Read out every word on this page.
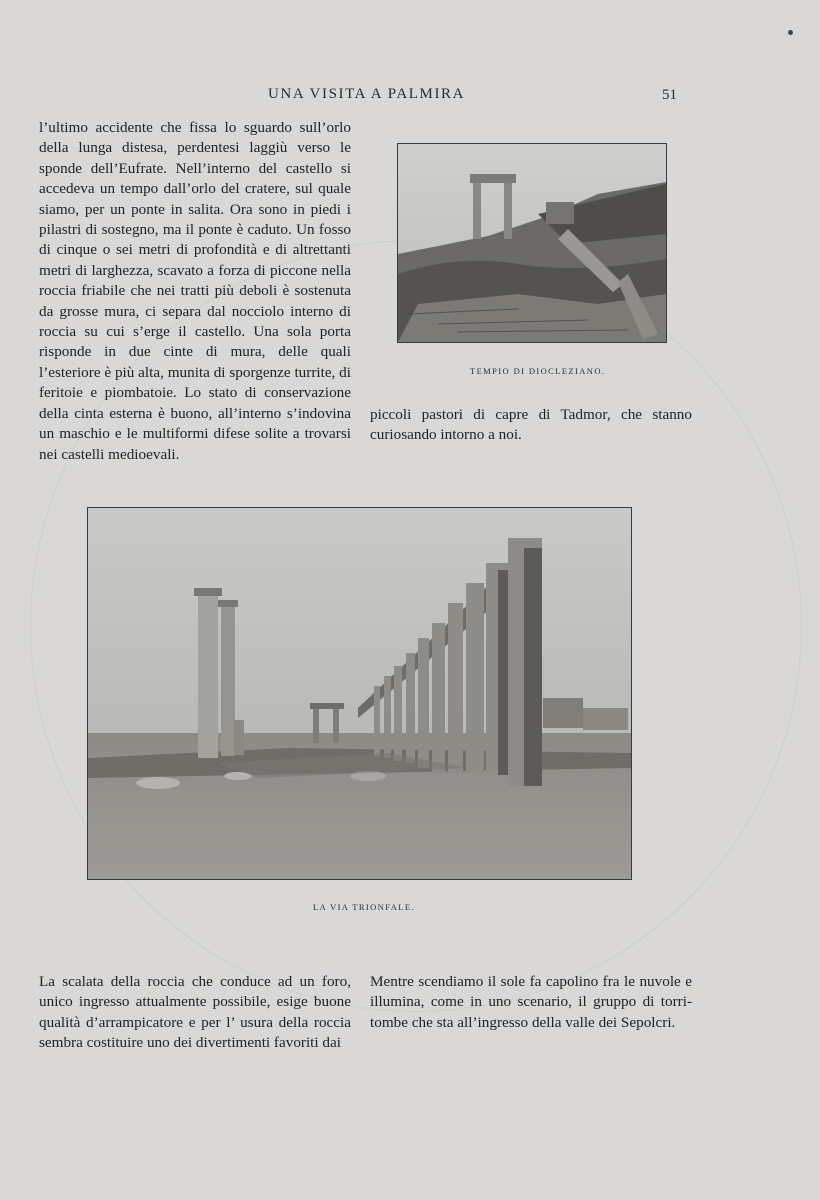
UNA VISITA A PALMIRA	51

l’ultimo accidente che fissa lo sguardo sull’orlo della lunga distesa, perdentesi laggiù verso le sponde dell’Eufrate. Nell’interno del castello si accedeva un tempo dall’orlo del cratere, sul quale siamo, per un ponte in salita. Ora sono in piedi i pilastri di sostegno, ma il ponte è caduto. Un fosso di cinque o sei metri di profondità e di altrettanti metri di larghezza, scavato a forza di piccone nella roccia friabile che nei tratti più deboli è sostenuta da grosse mura, ci separa dal nocciolo interno di roccia su cui s’erge il castello. Una sola porta risponde in due cinte di mura, delle quali l’esteriore è più alta, munita di sporgenze turrite, di feritoie e piombatoie. Lo stato di conservazione della cinta esterna è buono, all’interno s’indovina un maschio e le multiformi difese solite a trovarsi nei castelli medioevali.

TEMPIO DI DIOCLEZIANO.

piccoli pastori di capre di Tadmor, che stanno curiosando intorno a noi.

LA VIA TRIONFALE.

La scalata della roccia che conduce ad un foro, unico ingresso attualmente possibile, esige buone qualità d’arrampicatore e per l’ usura della roccia sembra costituire uno dei divertimenti favoriti dai

Mentre scendiamo il sole fa capolino fra le nuvole e illumina, come in uno scenario, il gruppo di torri-tombe che sta all’ingresso della valle dei Sepolcri.
